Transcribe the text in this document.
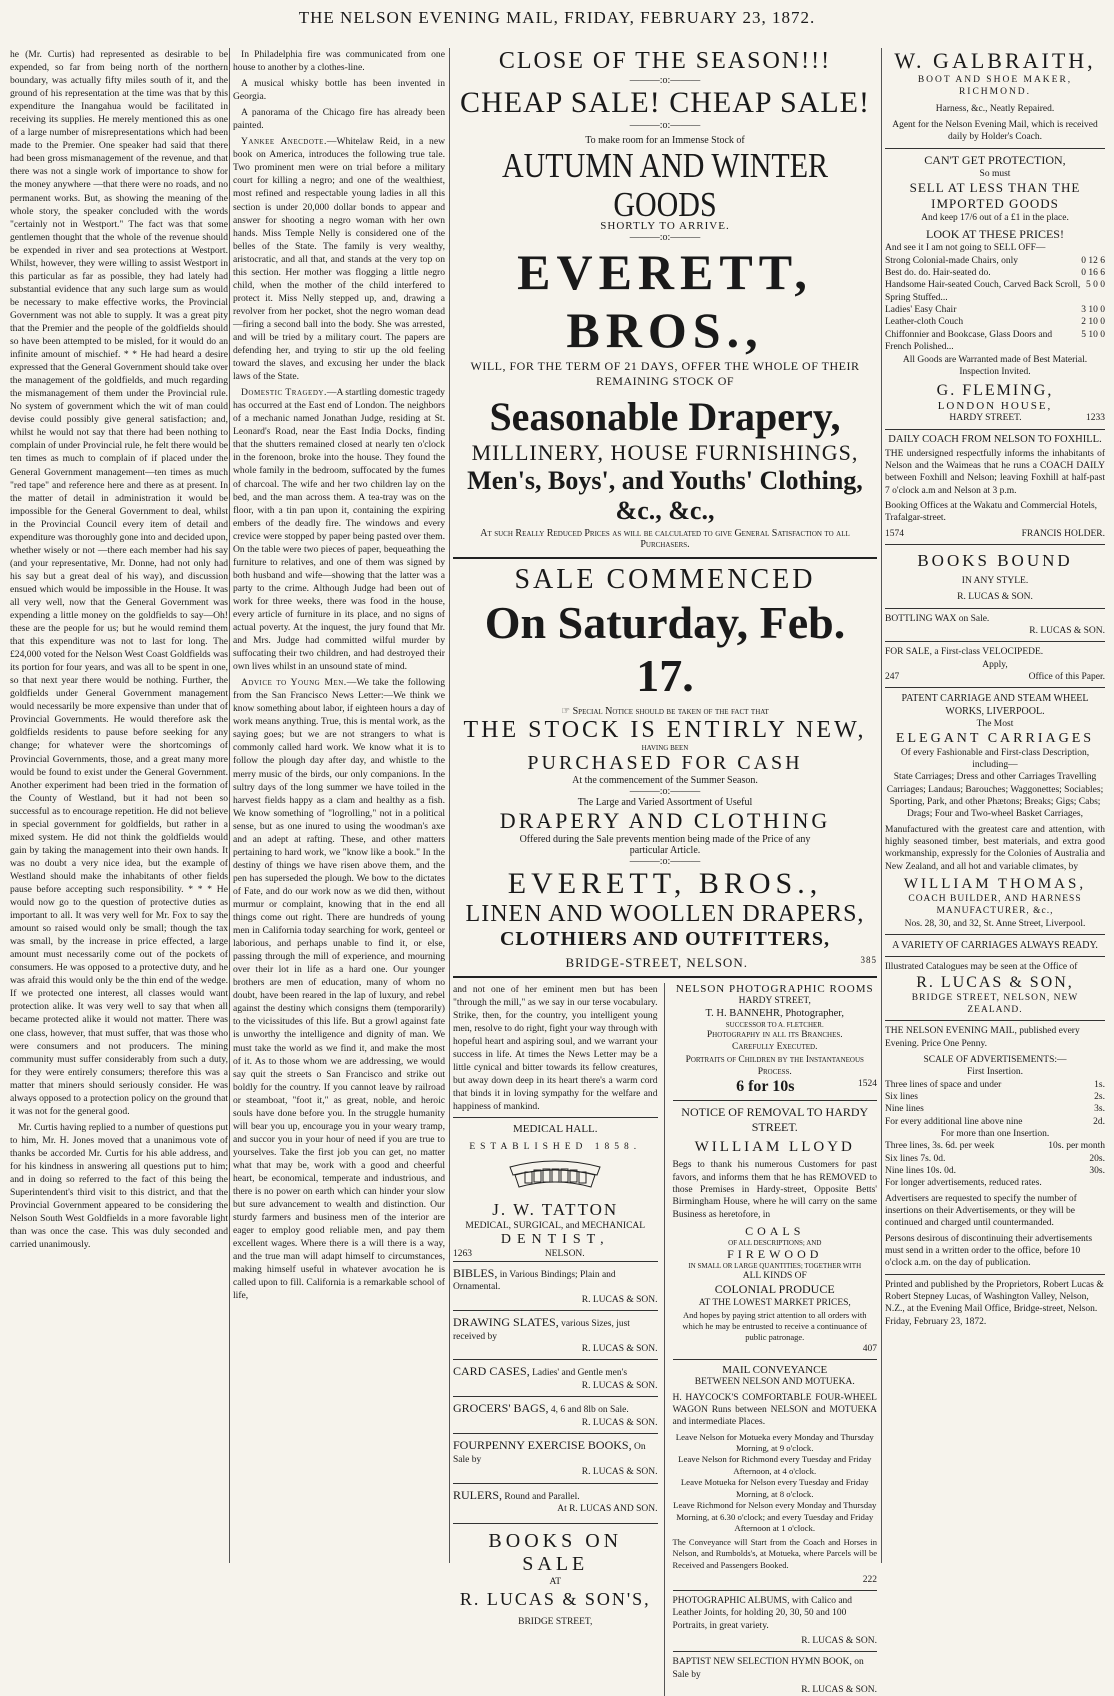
THE NELSON EVENING MAIL, FRIDAY, FEBRUARY 23, 1872.

he (Mr. Curtis) had represented as desirable to be expended, so far from being north of the northern boundary, was actually fifty miles south of it, and the ground of his representation at the time was that by this expenditure the Inangahua would be facilitated in receiving its supplies. He merely mentioned this as one of a large number of misrepresentations which had been made to the Premier. One speaker had said that there had been gross mismanagement of the revenue, and that there was not a single work of importance to show for the money anywhere —that there were no roads, and no permanent works. But, as showing the meaning of the whole story, the speaker concluded with the words "certainly not in Westport." The fact was that some gentlemen thought that the whole of the revenue should be expended in river and sea protections at Westport. Whilst, however, they were willing to assist Westport in this particular as far as possible, they had lately had substantial evidence that any such large sum as would be necessary to make effective works, the Provincial Government was not able to supply. It was a great pity that the Premier and the people of the goldfields should so have been attempted to be misled, for it would do an infinite amount of mischief. * * He had heard a desire expressed that the General Government should take over the management of the goldfields, and much regarding the mismanagement of them under the Provincial rule. No system of government which the wit of man could devise could possibly give general satisfaction; and, whilst he would not say that there had been nothing to complain of under Provincial rule, he felt there would be ten times as much to complain of if placed under the General Government management—ten times as much "red tape" and reference here and there as at present. In the matter of detail in administration it would be impossible for the General Government to deal, whilst in the Provincial Council every item of detail and expenditure was thoroughly gone into and decided upon, whether wisely or not —there each member had his say (and your representative, Mr. Donne, had not only had his say but a great deal of his way), and discussion ensued which would be impossible in the House. It was all very well, now that the General Government was expending a little money on the goldfields to say—Oh! these are the people for us; but he would remind them that this expenditure was not to last for long. The £24,000 voted for the Nelson West Coast Goldfields was its portion for four years, and was all to be spent in one, so that next year there would be nothing. Further, the goldfields under General Government management would necessarily be more expensive than under that of Provincial Governments. He would therefore ask the goldfields residents to pause before seeking for any change; for whatever were the shortcomings of Provincial Governments, those, and a great many more would be found to exist under the General Government. Another experiment had been tried in the formation of the County of Westland, but it had not been so successful as to encourage repetition. He did not believe in special government for goldfields, but rather in a mixed system. He did not think the goldfields would gain by taking the management into their own hands. It was no doubt a very nice idea, but the example of Westland should make the inhabitants of other fields pause before accepting such responsibility. * * * He would now go to the question of protective duties as important to all. It was very well for Mr. Fox to say the amount so raised would only be small; though the tax was small, by the increase in price effected, a large amount must necessarily come out of the pockets of consumers. He was opposed to a protective duty, and he was afraid this would only be the thin end of the wedge. If we protected one interest, all classes would want protection alike. It was very well to say that when all became protected alike it would not matter. There was one class, however, that must suffer, that was those who were consumers and not producers. The mining community must suffer considerably from such a duty, for they were entirely consumers; therefore this was a matter that miners should seriously consider. He was always opposed to a protection policy on the ground that it was not for the general good.

Mr. Curtis having replied to a number of questions put to him, Mr. H. Jones moved that a unanimous vote of thanks be accorded Mr. Curtis for his able address, and for his kindness in answering all questions put to him; and in doing so referred to the fact of this being the Superintendent's third visit to this district, and that the Provincial Government appeared to be considering the Nelson South West Goldfields in a more favorable light than was once the case. This was duly seconded and carried unanimously.

In Philadelphia fire was communicated from one house to another by a clothes-line.

A musical whisky bottle has been invented in Georgia.

A panorama of the Chicago fire has already been painted.

Yankee Anecdote.—Whitelaw Reid, in a new book on America, introduces the following true tale. Two prominent men were on trial before a military court for killing a negro; and one of the wealthiest, most refined and respectable young ladies in all this section is under 20,000 dollar bonds to appear and answer for shooting a negro woman with her own hands. Miss Temple Nelly is considered one of the belles of the State. The family is very wealthy, aristocratic, and all that, and stands at the very top on this section. Her mother was flogging a little negro child, when the mother of the child interfered to protect it. Miss Nelly stepped up, and, drawing a revolver from her pocket, shot the negro woman dead—firing a second ball into the body. She was arrested, and will be tried by a military court. The papers are defending her, and trying to stir up the old feeling toward the slaves, and excusing her under the black laws of the State.

Domestic Tragedy.—A startling domestic tragedy has occurred at the East end of London. The neighbors of a mechanic named Jonathan Judge, residing at St. Leonard's Road, near the East India Docks, finding that the shutters remained closed at nearly ten o'clock in the forenoon, broke into the house. They found the whole family in the bedroom, suffocated by the fumes of charcoal. The wife and her two children lay on the bed, and the man across them. A tea-tray was on the floor, with a tin pan upon it, containing the expiring embers of the deadly fire. The windows and every crevice were stopped by paper being pasted over them. On the table were two pieces of paper, bequeathing the furniture to relatives, and one of them was signed by both husband and wife—showing that the latter was a party to the crime. Although Judge had been out of work for three weeks, there was food in the house, every article of furniture in its place, and no signs of actual poverty. At the inquest, the jury found that Mr. and Mrs. Judge had committed wilful murder by suffocating their two children, and had destroyed their own lives whilst in an unsound state of mind.

Advice to Young Men.—We take the following from the San Francisco News Letter:—We think we know something about labor, if eighteen hours a day of work means anything. True, this is mental work, as the saying goes; but we are not strangers to what is commonly called hard work. We know what it is to follow the plough day after day, and whistle to the merry music of the birds, our only companions. In the sultry days of the long summer we have toiled in the harvest fields happy as a clam and healthy as a fish. We know something of "logrolling," not in a political sense, but as one inured to using the woodman's axe and an adept at rafting. These, and other matters pertaining to hard work, we "know like a book." In the destiny of things we have risen above them, and the pen has superseded the plough. We bow to the dictates of Fate, and do our work now as we did then, without murmur or complaint, knowing that in the end all things come out right. There are hundreds of young men in California today searching for work, genteel or laborious, and perhaps unable to find it, or else, passing through the mill of experience, and mourning over their lot in life as a hard one. Our younger brothers are men of education, many of whom no doubt, have been reared in the lap of luxury, and rebel against the destiny which consigns them (temporarily) to the vicissitudes of this life. But a growl against fate is unworthy the intelligence and dignity of man. We must take the world as we find it, and make the most of it. As to those whom we are addressing, we would say quit the streets o San Francisco and strike out boldly for the country. If you cannot leave by railroad or steamboat, "foot it," as great, noble, and heroic souls have done before you. In the struggle humanity will bear you up, encourage you in your weary tramp, and succor you in your hour of need if you are true to yourselves. Take the first job you can get, no matter what that may be, work with a good and cheerful heart, be economical, temperate and industrious, and there is no power on earth which can hinder your slow but sure advancement to wealth and distinction. Our sturdy farmers and business men of the interior are eager to employ good reliable men, and pay them excellent wages. Where there is a will there is a way, and the true man will adapt himself to circumstances, making himself useful in whatever avocation he is called upon to fill. California is a remarkable school of life,

CLOSE OF THE SEASON!!!
———:o:———
CHEAP SALE! CHEAP SALE!
———:o:———
To make room for an Immense Stock of
AUTUMN AND WINTER GOODS
SHORTLY TO ARRIVE.
———:o:———
EVERETT, BROS.,
WILL, FOR THE TERM OF 21 DAYS, OFFER THE WHOLE OF THEIR REMAINING STOCK OF
Seasonable Drapery,
MILLINERY, HOUSE FURNISHINGS,
Men's, Boys', and Youths' Clothing, &c., &c.,
At such Really Reduced Prices as will be calculated to give General Satisfaction to all Purchasers.
SALE COMMENCED
On Saturday, Feb. 17.
☞ Special Notice should be taken of the fact that
THE STOCK IS ENTIRLY NEW,
HAVING BEEN
PURCHASED FOR CASH
At the commencement of the Summer Season.
———:o:———
The Large and Varied Assortment of Useful
DRAPERY AND CLOTHING
Offered during the Sale prevents mention being made of the Price of any particular Article.
———:o:———
EVERETT, BROS.,
LINEN AND WOOLLEN DRAPERS,
CLOTHIERS AND OUTFITTERS,
BRIDGE-STREET, NELSON.	385

and not one of her eminent men but has been "through the mill," as we say in our terse vocabulary. Strike, then, for the country, you intelligent young men, resolve to do right, fight your way through with hopeful heart and aspiring soul, and we warrant your success in life. At times the News Letter may be a little cynical and bitter towards its fellow creatures, but away down deep in its heart there's a warm cord that binds it in loving sympathy for the welfare and happiness of mankind.

MEDICAL HALL.
ESTABLISHED 1858.
J. W. TATTON
MEDICAL, SURGICAL, and MECHANICAL
DENTIST,
1263	NELSON.
BIBLES, in Various Bindings; Plain and Ornamental.
R. LUCAS & SON.
DRAWING SLATES, various Sizes, just received by
R. LUCAS & SON.
CARD CASES, Ladies' and Gentle men's
R. LUCAS & SON.
GROCERS' BAGS, 4, 6 and 8lb on Sale.
R. LUCAS & SON.
FOURPENNY EXERCISE BOOKS, On Sale by
R. LUCAS & SON.
RULERS, Round and Parallel.
At R. LUCAS AND SON.
BOOKS ON SALE
AT
R. LUCAS & SON'S,
BRIDGE STREET,
NELSON PHOTOGRAPHIC ROOMS
HARDY STREET,
T. H. BANNEHR, Photographer,
SUCCESSOR TO A. FLETCHER.
Photography in all its Branches.
Carefully Executed.
Portraits of Children by the Instantaneous Process.
6 for 10s	1524
NOTICE OF REMOVAL TO HARDY STREET.
WILLIAM LLOYD

Begs to thank his numerous Customers for past favors, and informs them that he has REMOVED to those Premises in Hardy-street, Opposite Betts' Birmingham House, where he will carry on the same Business as heretofore, in

COALS
OF ALL DESCRIPTIONS; AND
FIREWOOD
IN SMALL OR LARGE QUANTITIES; TOGETHER WITH
ALL KINDS OF
COLONIAL PRODUCE
AT THE LOWEST MARKET PRICES,
And hopes by paying strict attention to all orders with which he may be entrusted to receive a continuance of public patronage.
407
MAIL CONVEYANCE
BETWEEN NELSON AND MOTUEKA.

H. HAYCOCK'S COMFORTABLE FOUR-WHEEL WAGON Runs between NELSON and MOTUEKA and intermediate Places.

Leave Nelson for Motueka every Monday and Thursday Morning, at 9 o'clock.
Leave Nelson for Richmond every Tuesday and Friday Afternoon, at 4 o'clock.
Leave Motueka for Nelson every Tuesday and Friday Morning, at 8 o'clock.
Leave Richmond for Nelson every Monday and Thursday Morning, at 6.30 o'clock; and every Tuesday and Friday Afternoon at 1 o'clock.

The Conveyance will Start from the Coach and Horses in Nelson, and Rumbolds's, at Motueka, where Parcels will be Received and Passengers Booked.

222

PHOTOGRAPHIC ALBUMS, with Calico and Leather Joints, for holding 20, 30, 50 and 100 Portraits, in great variety.

R. LUCAS & SON.

BAPTIST NEW SELECTION HYMN BOOK, on Sale by

R. LUCAS & SON.
W. GALBRAITH,
BOOT AND SHOE MAKER, RICHMOND.
Harness, &c., Neatly Repaired.
Agent for the Nelson Evening Mail, which is received daily by Holder's Coach.
CAN'T GET PROTECTION,
So must
SELL AT LESS THAN THE IMPORTED GOODS
And keep 17/6 out of a £1 in the place.
LOOK AT THESE PRICES!
And see it I am not going to SELL OFF—
Strong Colonial-made Chairs, only	0 12 6
Best do. do. Hair-seated do.	0 16 6
Handsome Hair-seated Couch, Carved Back Scroll, Spring Stuffed...
5 0 0
Ladies' Easy Chair	3 10 0
Leather-cloth Couch	2 10 0
Chiffonnier and Bookcase, Glass Doors and French Polished...
5 10 0
All Goods are Warranted made of Best Material. Inspection Invited.
G. FLEMING,
LONDON HOUSE,
HARDY STREET.	1233
DAILY COACH FROM NELSON TO FOXHILL.

THE undersigned respectfully informs the inhabitants of Nelson and the Waimeas that he runs a COACH DAILY between Foxhill and Nelson; leaving Foxhill at half-past 7 o'clock a.m and Nelson at 3 p.m.

Booking Offices at the Wakatu and Commercial Hotels, Trafalgar-street.

1574	FRANCIS HOLDER.
BOOKS BOUND
IN ANY STYLE.
R. LUCAS & SON.
BOTTLING WAX on Sale.
R. LUCAS & SON.
FOR SALE, a First-class VELOCIPEDE.
Apply,
247	Office of this Paper.
PATENT CARRIAGE AND STEAM WHEEL WORKS, LIVERPOOL.
The Most
ELEGANT CARRIAGES
Of every Fashionable and First-class Description, including—
State Carriages; Dress and other Carriages Travelling Carriages; Landaus; Barouches; Waggonettes; Sociables; Sporting, Park, and other Phætons; Breaks; Gigs; Cabs; Drags; Four and Two-wheel Basket Carriages,

Manufactured with the greatest care and attention, with highly seasoned timber, best materials, and extra good workmanship, expressly for the Colonies of Australia and New Zealand, and all hot and variable climates, by

WILLIAM THOMAS,
COACH BUILDER, AND HARNESS MANUFACTURER, &c.,
Nos. 28, 30, and 32, St. Anne Street, Liverpool.
A VARIETY OF CARRIAGES ALWAYS READY.
Illustrated Catalogues may be seen at the Office of
R. LUCAS & SON,
BRIDGE STREET, NELSON, NEW ZEALAND.
THE NELSON EVENING MAIL, published every Evening. Price One Penny.
SCALE OF ADVERTISEMENTS:—
First Insertion.
Three lines of space and under	1s.
Six lines	2s.
Nine lines	3s.
For every additional line above nine	2d.
For more than one Insertion.
Three lines, 3s. 6d. per week	10s. per month
Six lines 7s. 0d.	20s.
Nine lines 10s. 0d.	30s.
For longer advertisements, reduced rates.

Advertisers are requested to specify the number of insertions on their Advertisements, or they will be continued and charged until countermanded.

Persons desirous of discontinuing their advertisements must send in a written order to the office, before 10 o'clock a.m. on the day of publication.

Printed and published by the Proprietors, Robert Lucas & Robert Stepney Lucas, of Washington Valley, Nelson, N.Z., at the Evening Mail Office, Bridge-street, Nelson. Friday, February 23, 1872.
